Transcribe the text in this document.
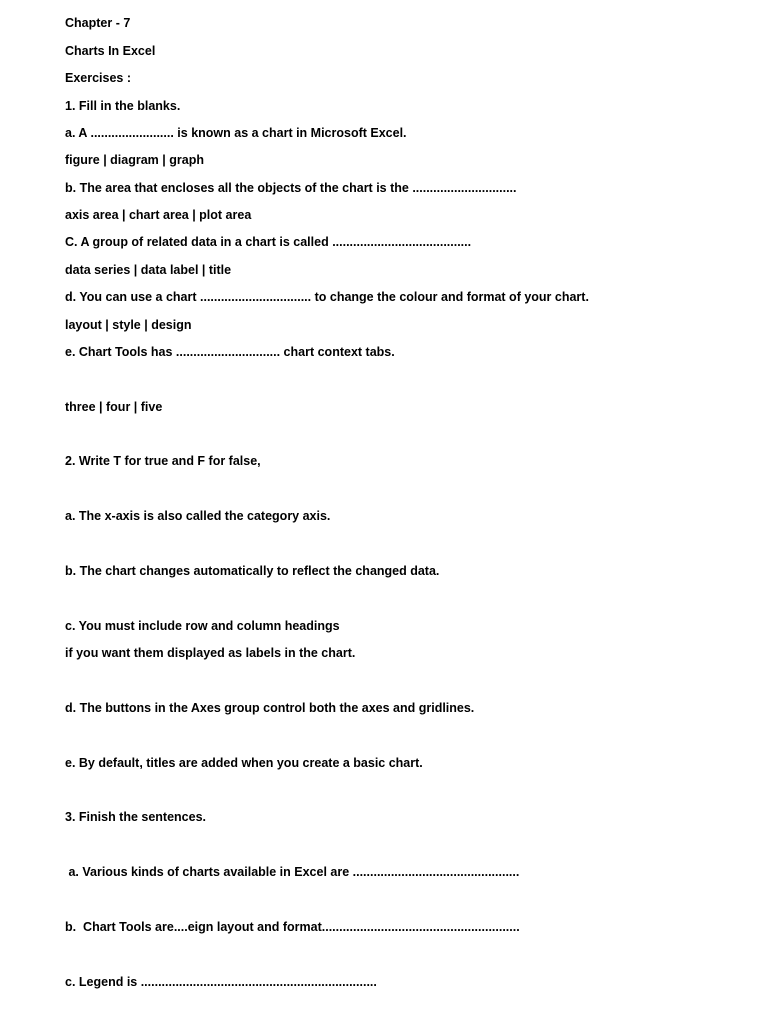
Chapter - 7
Charts In Excel
Exercises :
1. Fill in the blanks.
a. A ........................ is known as a chart in Microsoft Excel.
figure | diagram | graph
b. The area that encloses all the objects of the chart is the ..............................
axis area | chart area | plot area
C. A group of related data in a chart is called ........................................
data series | data label | title
d. You can use a chart ................................ to change the colour and format of your chart.
layout | style | design
e. Chart Tools has .............................. chart context tabs.
three | four | five
2. Write T for true and F for false,
a. The x-axis is also called the category axis.
b. The chart changes automatically to reflect the changed data.
c. You must include row and column headings
if you want them displayed as labels in the chart.
d. The buttons in the Axes group control both the axes and gridlines.
e. By default, titles are added when you create a basic chart.
3. Finish the sentences.
a. Various kinds of charts available in Excel are ................................................
b.  Chart Tools are....eign layout and format.........................................................
c. Legend is ....................................................................
